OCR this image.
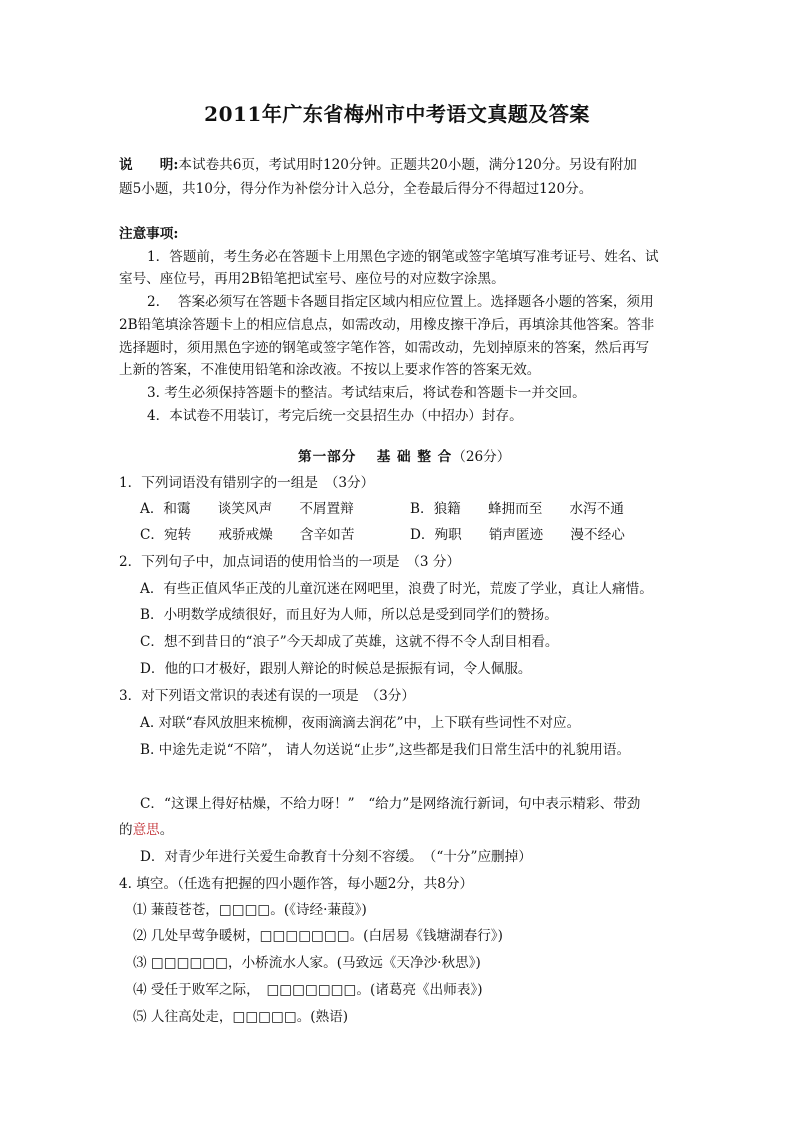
2011年广东省梅州市中考语文真题及答案
说　　明:本试卷共6页，考试用时120分钟。正题共20小题，满分120分。另设有附加
题5小题，共10分，得分作为补偿分计入总分，全卷最后得分不得超过120分。
注意事项:
1．答题前，考生务必在答题卡上用黑色字迹的钢笔或签字笔填写准考证号、姓名、试
室号、座位号，再用2B铅笔把试室号、座位号的对应数字涂黑。
2.　 答案必须写在答题卡各题目指定区域内相应位置上。选择题各小题的答案，须用
2B铅笔填涂答题卡上的相应信息点，如需改动，用橡皮擦干净后，再填涂其他答案。答非
选择题时，须用黑色字迹的钢笔或签字笔作答，如需改动，先划掉原来的答案，然后再写
上新的答案，不准使用铅笔和涂改液。不按以上要求作答的答案无效。
3. 考生必须保持答题卡的整洁。考试结束后，将试卷和答题卡一并交回。
4．本试卷不用装订，考完后统一交县招生办（中招办）封存。
第一部分　 基 础 整 合（26分）
1．下列词语没有错别字的一组是　（3分）
A．和霭　　谈笑风声　　不屑置辩	B．狼籍　　蜂拥而至　　水泻不通
C．宛转　　戒骄戒燥　　含辛如苦	D．殉职　　销声匿迹　　漫不经心
2．下列句子中，加点词语的使用恰当的一项是　（3 分）
A．有些正值风华正茂的儿童沉迷在网吧里，浪费了时光，荒废了学业，真让人痛惜。
B．小明数学成绩很好，而且好为人师，所以总是受到同学们的赞扬。
C．想不到昔日的“浪子”今天却成了英雄，这就不得不令人刮目相看。
D．他的口才极好，跟别人辩论的时候总是振振有词，令人佩服。
3．对下列语文常识的表述有误的一项是　（3分）
A. 对联“春风放胆来梳柳，夜雨滴滴去润花”中，上下联有些词性不对应。
B. 中途先走说“不陪”， 请人勿送说“止步”,这些都是我们日常生活中的礼貌用语。
C．“这课上得好枯燥，不给力呀！”　“给力”是网络流行新词，句中表示精彩、带劲
的意思。
D．对青少年进行关爱生命教育十分刻不容缓。　（“十分”应删掉）
4. 填空。（任选有把握的四小题作答，每小题2分，共8分）
⑴ 蒹葭苍苍，□□□□。(《诗经·蒹葭》)
⑵ 几处早莺争暖树，□□□□□□□。(白居易《钱塘湖春行》)
⑶ □□□□□□，小桥流水人家。(马致远《天净沙·秋思》)
⑷ 受任于败军之际，　□□□□□□□。(诸葛亮《出师表》)
⑸ 人往高处走，□□□□□。(熟语)
